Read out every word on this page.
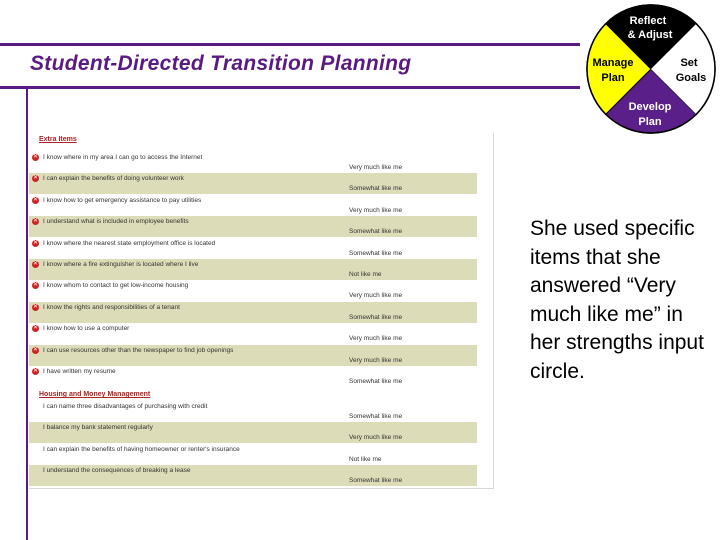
Student-Directed Transition Planning
Reflect
& Adjust
Manage
Plan
Set
Goals
Develop
Plan
Extra Items
✕ I know where in my area I can go to access the Internet
Very much like me
✕ I can explain the benefits of doing volunteer work
Somewhat like me
✕ I know how to get emergency assistance to pay utilities
Very much like me
✕ I understand what is included in employee benefits
Somewhat like me
✕ I know where the nearest state employment office is located
Somewhat like me
✕ I know where a fire extinguisher is located where I live
Not like me
✕ I know whom to contact to get low-income housing
Very much like me
✕ I know the rights and responsibilities of a tenant
Somewhat like me
✕ I know how to use a computer
Very much like me
✕ I can use resources other than the newspaper to find job openings
Very much like me
✕ I have written my resume
Somewhat like me
Housing and Money Management
I can name three disadvantages of purchasing with credit
Somewhat like me
I balance my bank statement regularly
Very much like me
I can explain the benefits of having homeowner or renter's insurance
Not like me
I understand the consequences of breaking a lease
Somewhat like me
She used specific items that she answered “Very much like me” in her strengths input circle.
